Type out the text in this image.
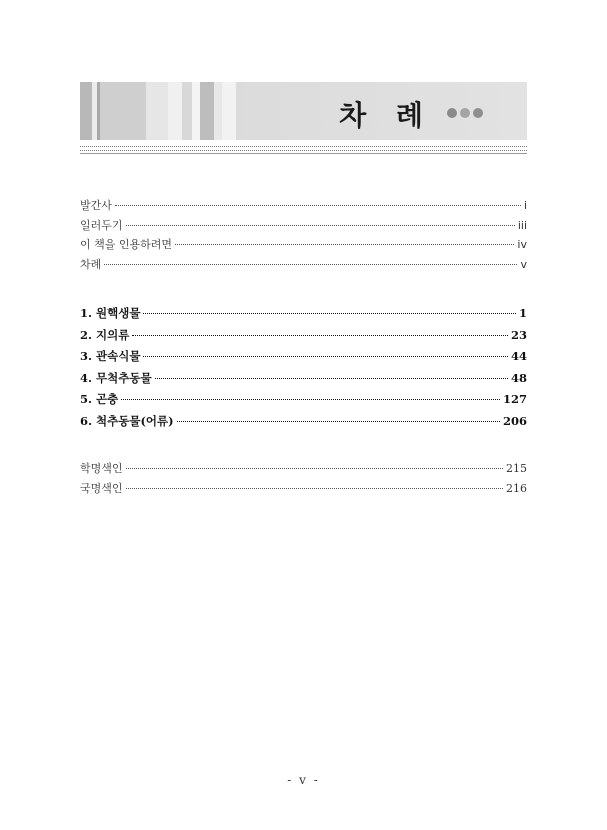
차 례
발간사	i
일러두기	iii
이 책을 인용하려면	iv
차례	v
1. 원핵생물	1
2. 지의류	23
3. 관속식물	44
4. 무척추동물	48
5. 곤충	127
6. 척추동물(어류)	206
학명색인	215
국명색인	216
- v -
